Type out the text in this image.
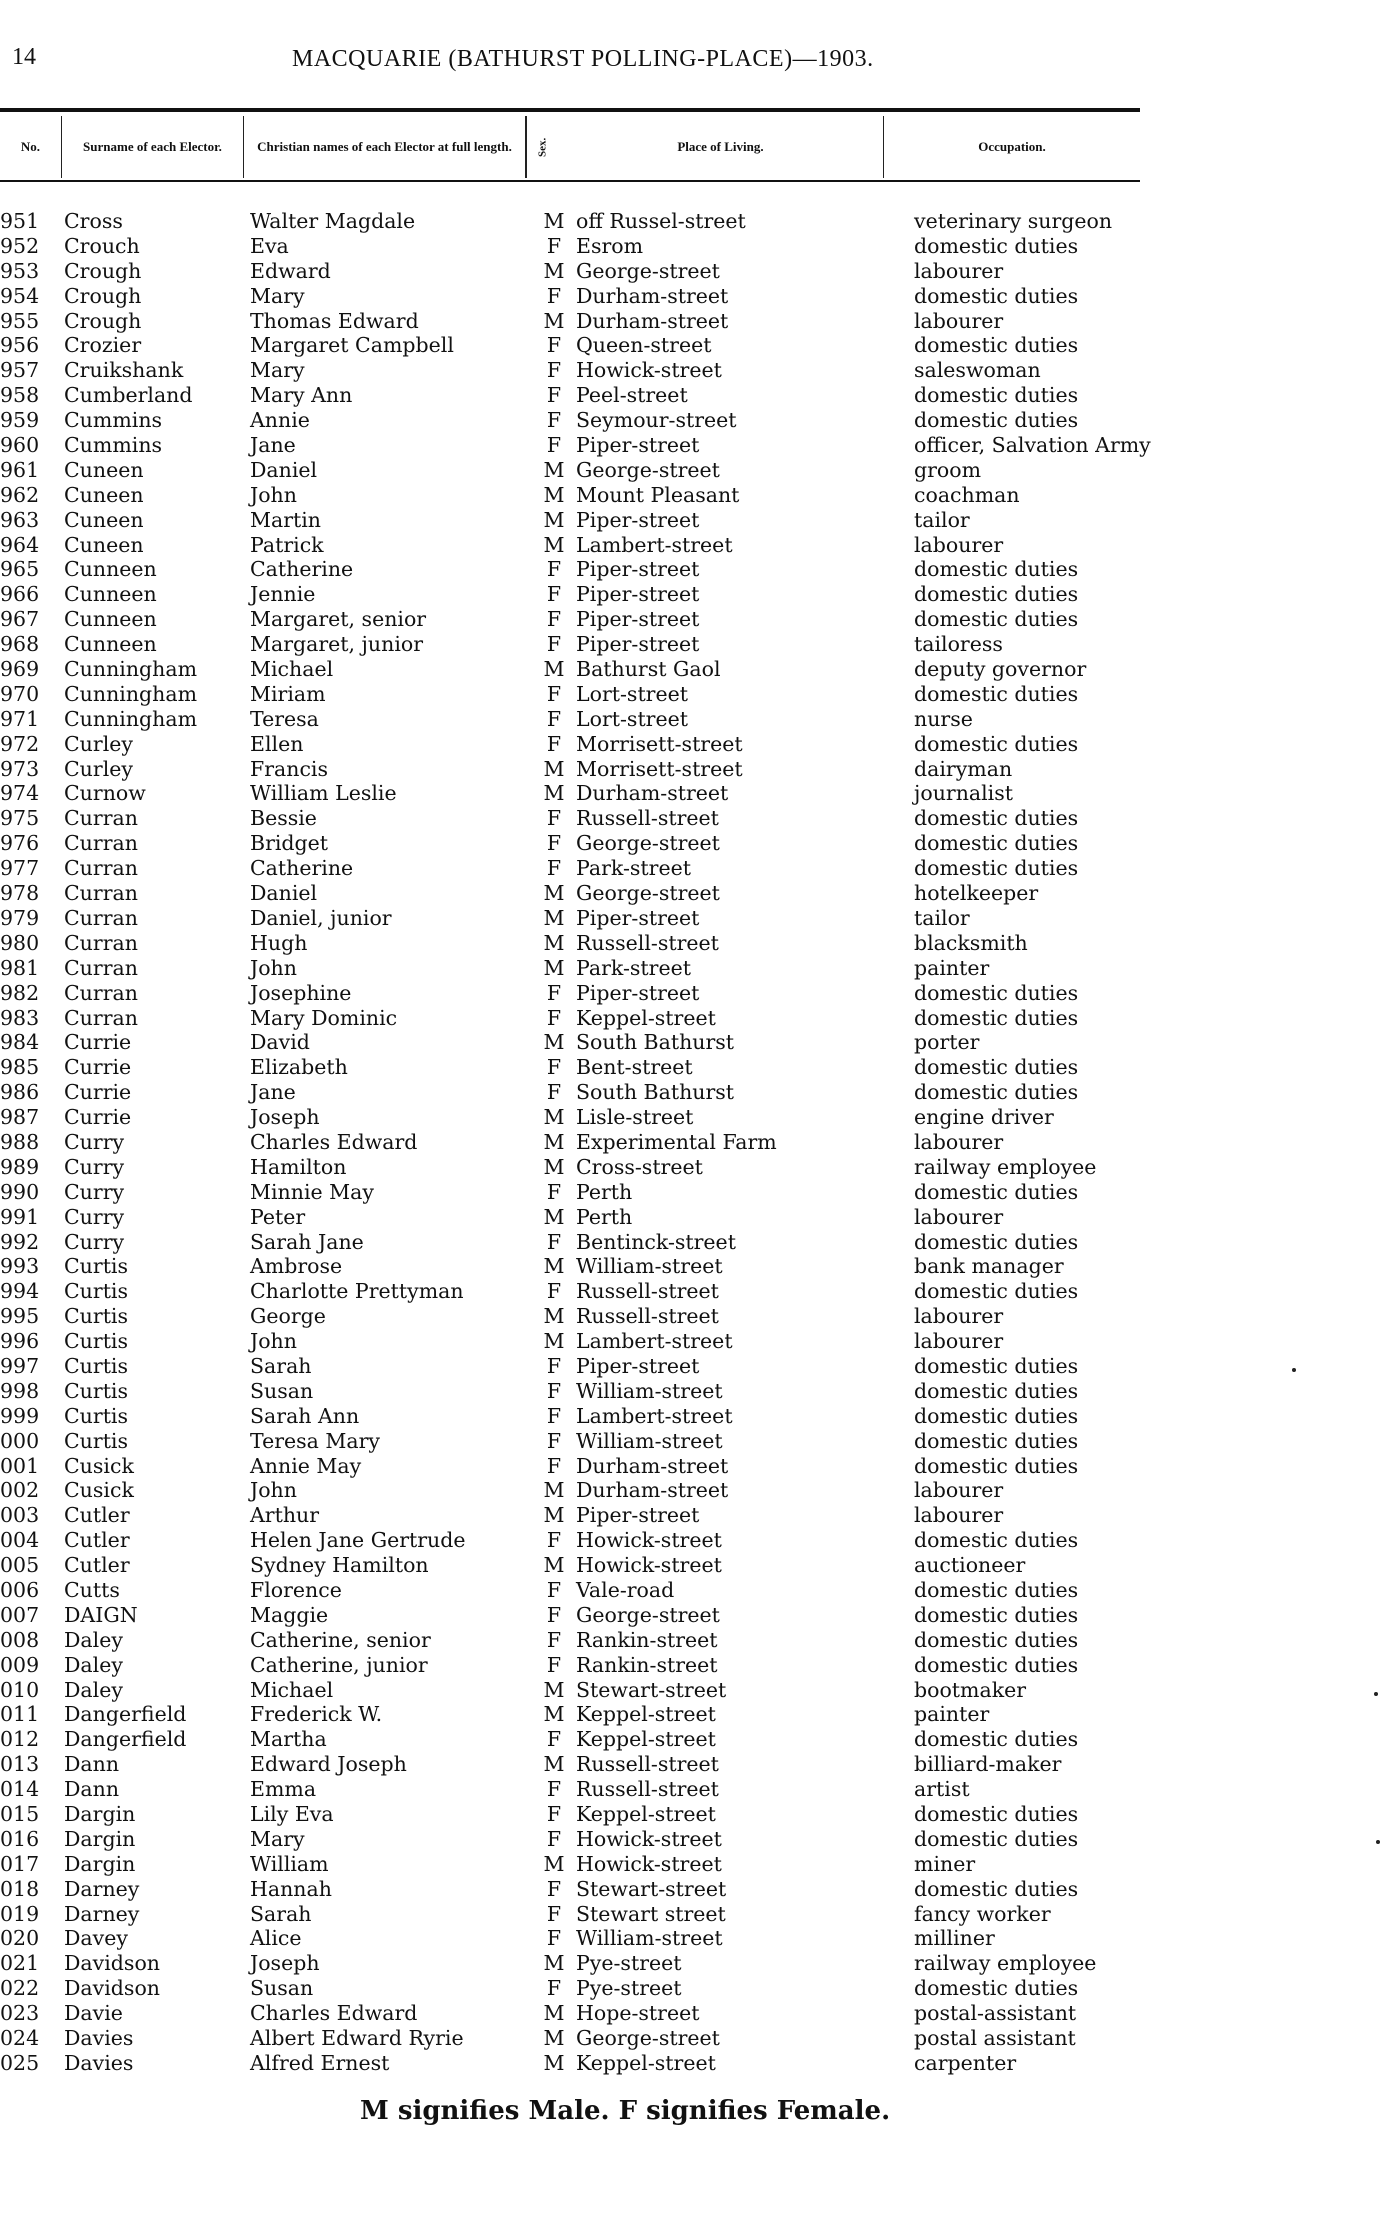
14	MACQUARIE (BATHURST POLLING-PLACE)—1903.
No.	Surname of each Elector.	Christian names of each Elector at full length.	Sex.	Place of Living.	Occupation.
951	Cross	Walter Magdale	M off Russel-street	veterinary surgeon
952	Crouch	Eva	F Esrom	domestic duties
953	Crough	Edward	M George-street	labourer
954	Crough	Mary	F Durham-street	domestic duties
955	Crough	Thomas Edward	M Durham-street	labourer
956	Crozier	Margaret Campbell	F Queen-street	domestic duties
957	Cruikshank	Mary	F Howick-street	saleswoman
958	Cumberland	Mary Ann	F Peel-street	domestic duties
959	Cummins	Annie	F Seymour-street	domestic duties
960	Cummins	Jane	F Piper-street	officer, Salvation Army
961	Cuneen	Daniel	M George-street	groom
962	Cuneen	John	M Mount Pleasant	coachman
963	Cuneen	Martin	M Piper-street	tailor
964	Cuneen	Patrick	M Lambert-street	labourer
965	Cunneen	Catherine	F Piper-street	domestic duties
966	Cunneen	Jennie	F Piper-street	domestic duties
967	Cunneen	Margaret, senior	F Piper-street	domestic duties
968	Cunneen	Margaret, junior	F Piper-street	tailoress
969	Cunningham	Michael	M Bathurst Gaol	deputy governor
970	Cunningham	Miriam	F Lort-street	domestic duties
971	Cunningham	Teresa	F Lort-street	nurse
972	Curley	Ellen	F Morrisett-street	domestic duties
973	Curley	Francis	M Morrisett-street	dairyman
974	Curnow	William Leslie	M Durham-street	journalist
975	Curran	Bessie	F Russell-street	domestic duties
976	Curran	Bridget	F George-street	domestic duties
977	Curran	Catherine	F Park-street	domestic duties
978	Curran	Daniel	M George-street	hotelkeeper
979	Curran	Daniel, junior	M Piper-street	tailor
980	Curran	Hugh	M Russell-street	blacksmith
981	Curran	John	M Park-street	painter
982	Curran	Josephine	F Piper-street	domestic duties
983	Curran	Mary Dominic	F Keppel-street	domestic duties
984	Currie	David	M South Bathurst	porter
985	Currie	Elizabeth	F Bent-street	domestic duties
986	Currie	Jane	F South Bathurst	domestic duties
987	Currie	Joseph	M Lisle-street	engine driver
988	Curry	Charles Edward	M Experimental Farm	labourer
989	Curry	Hamilton	M Cross-street	railway employee
990	Curry	Minnie May	F Perth	domestic duties
991	Curry	Peter	M Perth	labourer
992	Curry	Sarah Jane	F Bentinck-street	domestic duties
993	Curtis	Ambrose	M William-street	bank manager
994	Curtis	Charlotte Prettyman	F Russell-street	domestic duties
995	Curtis	George	M Russell-street	labourer
996	Curtis	John	M Lambert-street	labourer
997	Curtis	Sarah	F Piper-street	domestic duties
998	Curtis	Susan	F William-street	domestic duties
999	Curtis	Sarah Ann	F Lambert-street	domestic duties
000	Curtis	Teresa Mary	F William-street	domestic duties
001	Cusick	Annie May	F Durham-street	domestic duties
002	Cusick	John	M Durham-street	labourer
003	Cutler	Arthur	M Piper-street	labourer
004	Cutler	Helen Jane Gertrude	F Howick-street	domestic duties
005	Cutler	Sydney Hamilton	M Howick-street	auctioneer
006	Cutts	Florence	F Vale-road	domestic duties
007	DAIGN	Maggie	F George-street	domestic duties
008	Daley	Catherine, senior	F Rankin-street	domestic duties
009	Daley	Catherine, junior	F Rankin-street	domestic duties
010	Daley	Michael	M Stewart-street	bootmaker
011	Dangerfield	Frederick W.	M Keppel-street	painter
012	Dangerfield	Martha	F Keppel-street	domestic duties
013	Dann	Edward Joseph	M Russell-street	billiard-maker
014	Dann	Emma	F Russell-street	artist
015	Dargin	Lily Eva	F Keppel-street	domestic duties
016	Dargin	Mary	F Howick-street	domestic duties
017	Dargin	William	M Howick-street	miner
018	Darney	Hannah	F Stewart-street	domestic duties
019	Darney	Sarah	F Stewart street	fancy worker
020	Davey	Alice	F William-street	milliner
021	Davidson	Joseph	M Pye-street	railway employee
022	Davidson	Susan	F Pye-street	domestic duties
023	Davie	Charles Edward	M Hope-street	postal-assistant
024	Davies	Albert Edward Ryrie	M George-street	postal assistant
025	Davies	Alfred Ernest	M Keppel-street	carpenter
M signifies Male. F signifies Female.
